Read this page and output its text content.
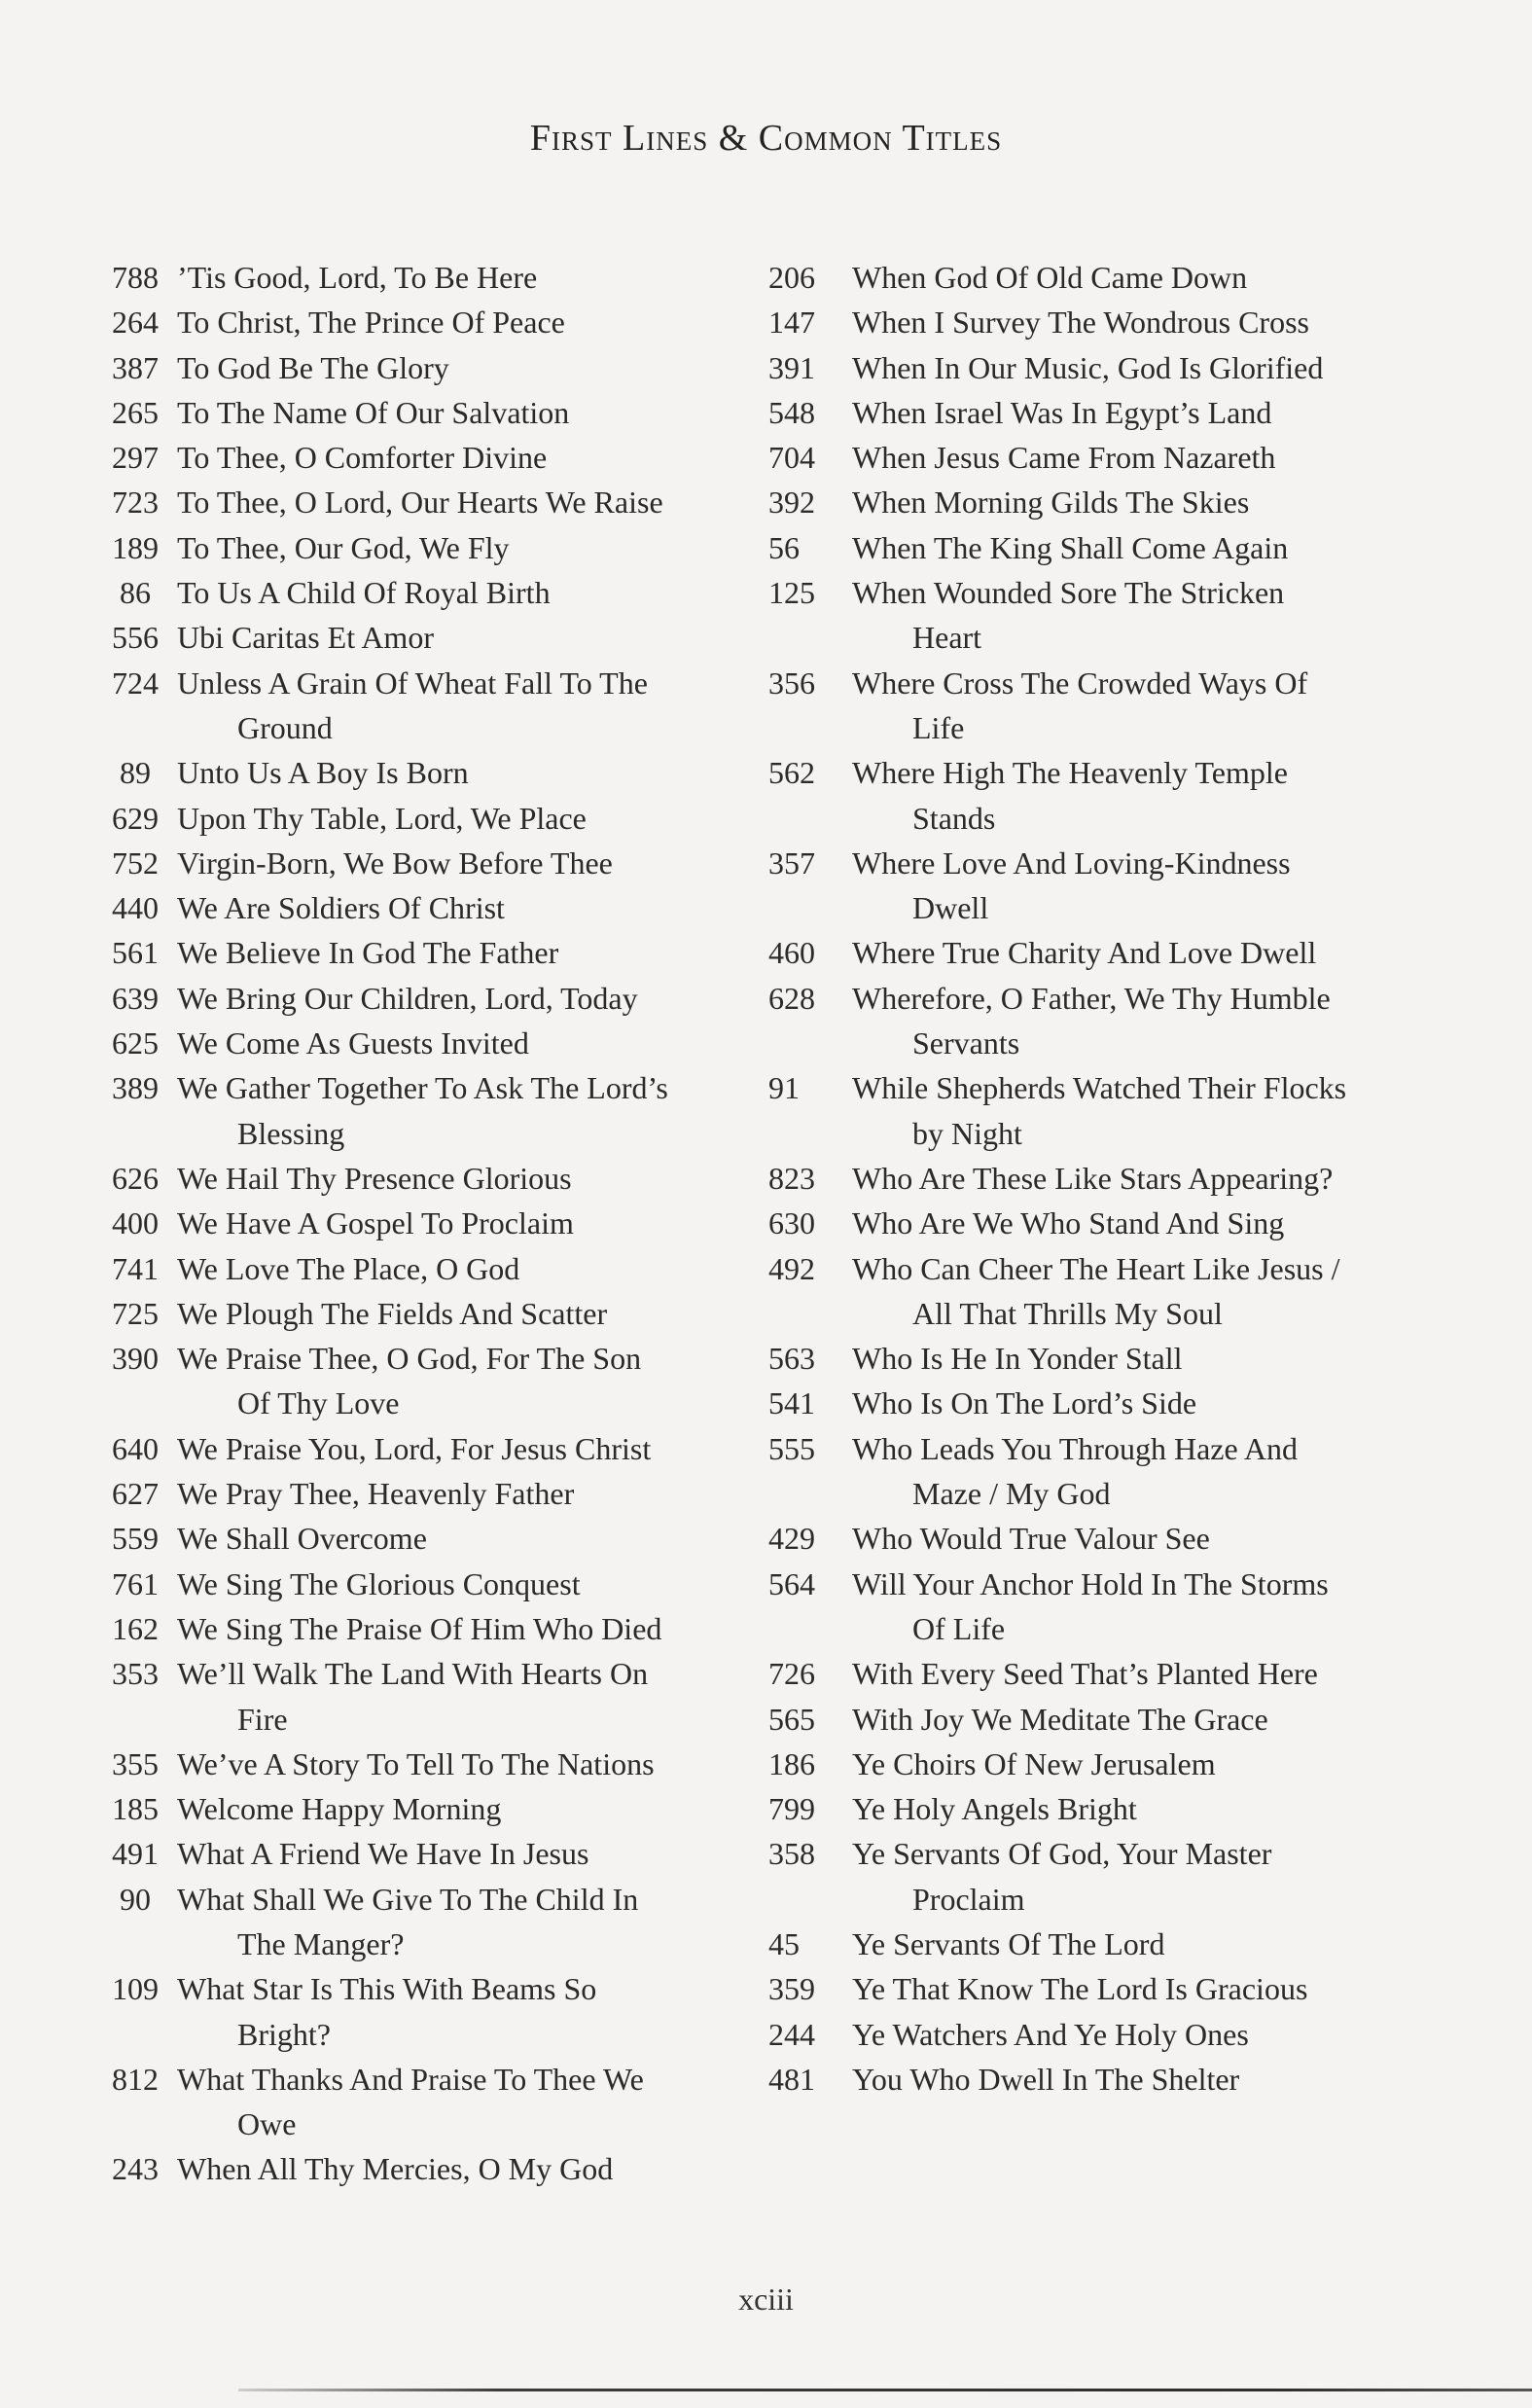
First Lines & Common Titles
788 ’Tis Good, Lord, To Be Here
264 To Christ, The Prince Of Peace
387 To God Be The Glory
265 To The Name Of Our Salvation
297 To Thee, O Comforter Divine
723 To Thee, O Lord, Our Hearts We Raise
189 To Thee, Our God, We Fly
86 To Us A Child Of Royal Birth
556 Ubi Caritas Et Amor
724 Unless A Grain Of Wheat Fall To The
Ground
89 Unto Us A Boy Is Born
629 Upon Thy Table, Lord, We Place
752 Virgin-Born, We Bow Before Thee
440 We Are Soldiers Of Christ
561 We Believe In God The Father
639 We Bring Our Children, Lord, Today
625 We Come As Guests Invited
389 We Gather Together To Ask The Lord’s
Blessing
626 We Hail Thy Presence Glorious
400 We Have A Gospel To Proclaim
741 We Love The Place, O God
725 We Plough The Fields And Scatter
390 We Praise Thee, O God, For The Son
Of Thy Love
640 We Praise You, Lord, For Jesus Christ
627 We Pray Thee, Heavenly Father
559 We Shall Overcome
761 We Sing The Glorious Conquest
162 We Sing The Praise Of Him Who Died
353 We’ll Walk The Land With Hearts On
Fire
355 We’ve A Story To Tell To The Nations
185 Welcome Happy Morning
491 What A Friend We Have In Jesus
90 What Shall We Give To The Child In
The Manger?
109 What Star Is This With Beams So
Bright?
812 What Thanks And Praise To Thee We
Owe
243 When All Thy Mercies, O My God
206	When God Of Old Came Down
147	When I Survey The Wondrous Cross
391	When In Our Music, God Is Glorified
548	When Israel Was In Egypt’s Land
704	When Jesus Came From Nazareth
392	When Morning Gilds The Skies
56	When The King Shall Come Again
125	When Wounded Sore The Stricken
Heart
356	Where Cross The Crowded Ways Of
Life
562	Where High The Heavenly Temple
Stands
357	Where Love And Loving-Kindness
Dwell
460	Where True Charity And Love Dwell
628	Wherefore, O Father, We Thy Humble
Servants
91	While Shepherds Watched Their Flocks
by Night
823	Who Are These Like Stars Appearing?
630	Who Are We Who Stand And Sing
492	Who Can Cheer The Heart Like Jesus /
All That Thrills My Soul
563	Who Is He In Yonder Stall
541	Who Is On The Lord’s Side
555	Who Leads You Through Haze And
Maze / My God
429	Who Would True Valour See
564	Will Your Anchor Hold In The Storms
Of Life
726	With Every Seed That’s Planted Here
565	With Joy We Meditate The Grace
186	Ye Choirs Of New Jerusalem
799	Ye Holy Angels Bright
358	Ye Servants Of God, Your Master
Proclaim
45	Ye Servants Of The Lord
359	Ye That Know The Lord Is Gracious
244	Ye Watchers And Ye Holy Ones
481	You Who Dwell In The Shelter
xciii
